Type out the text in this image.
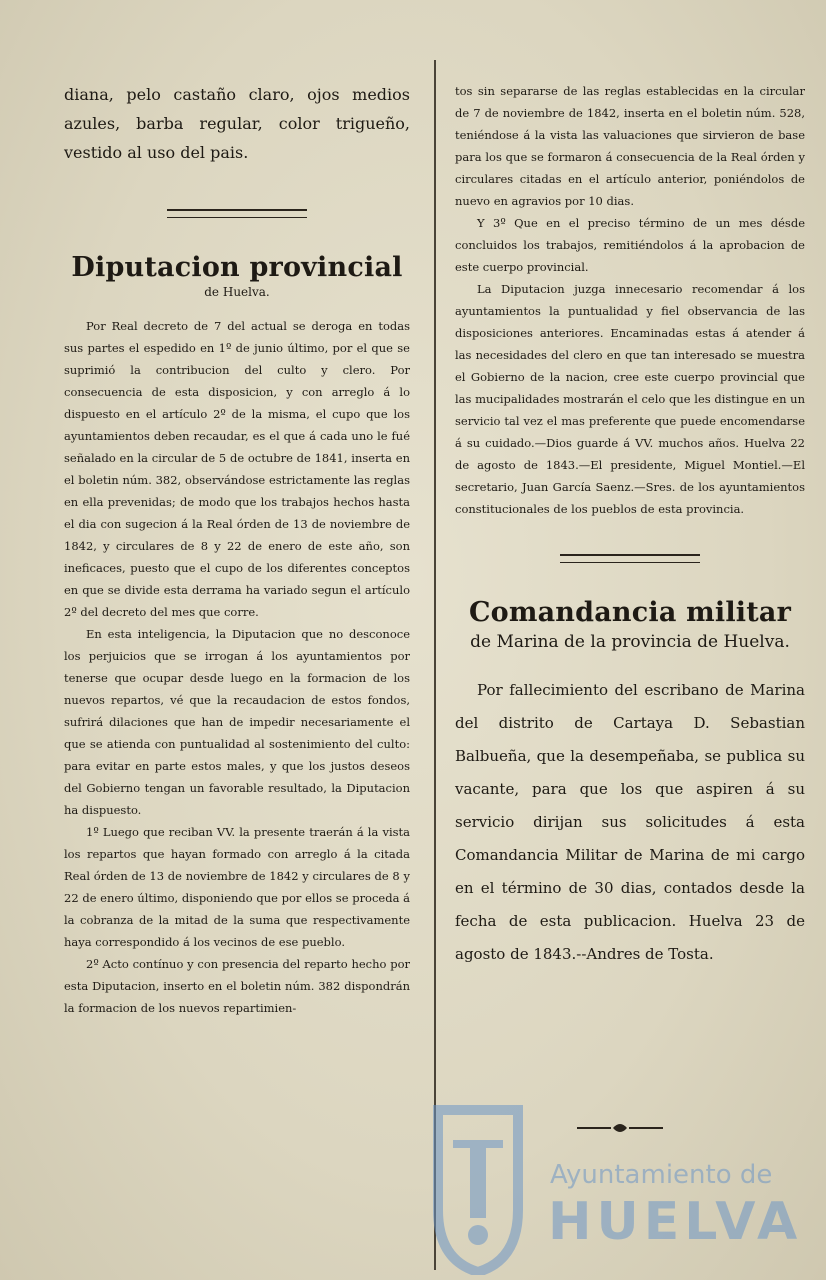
diana, pelo castaño claro, ojos medios azules, barba regular, color trigueño, vestido al uso del pais.

Diputacion provincial
de Huelva.

Por Real decreto de 7 del actual se deroga en todas sus partes el espedido en 1º de junio último, por el que se suprimió la contribucion del culto y clero. Por consecuencia de esta disposicion, y con arreglo á lo dispuesto en el artículo 2º de la misma, el cupo que los ayuntamientos deben recaudar, es el que á cada uno le fué señalado en la circular de 5 de octubre de 1841, inserta en el boletin núm. 382, observándose estrictamente las reglas en ella prevenidas; de modo que los trabajos hechos hasta el dia con sugecion á la Real órden de 13 de noviembre de 1842, y circulares de 8 y 22 de enero de este año, son ineficaces, puesto que el cupo de los diferentes conceptos en que se divide esta derrama ha variado segun el artículo 2º del decreto del mes que corre.

En esta inteligencia, la Diputacion que no desconoce los perjuicios que se irrogan á los ayuntamientos por tenerse que ocupar desde luego en la formacion de los nuevos repartos, vé que la recaudacion de estos fondos, sufrirá dilaciones que han de impedir necesariamente el que se atienda con puntualidad al sostenimiento del culto: para evitar en parte estos males, y que los justos deseos del Gobierno tengan un favorable resultado, la Diputacion ha dispuesto.

1º Luego que reciban VV. la presente traerán á la vista los repartos que hayan formado con arreglo á la citada Real órden de 13 de noviembre de 1842 y circulares de 8 y 22 de enero último, disponiendo que por ellos se proceda á la cobranza de la mitad de la suma que respectivamente haya correspondido á los vecinos de ese pueblo.

2º Acto contínuo y con presencia del reparto hecho por esta Diputacion, inserto en el boletin núm. 382 dispondrán la formacion de los nuevos repartimien-

tos sin separarse de las reglas establecidas en la circular de 7 de noviembre de 1842, inserta en el boletin núm. 528, teniéndose á la vista las valuaciones que sirvieron de base para los que se formaron á consecuencia de la Real órden y circulares citadas en el artículo anterior, poniéndolos de nuevo en agravios por 10 dias.

Y 3º Que en el preciso término de un mes désde concluidos los trabajos, remitiéndolos á la aprobacion de este cuerpo provincial.

La Diputacion juzga innecesario recomendar á los ayuntamientos la puntualidad y fiel observancia de las disposiciones anteriores. Encaminadas estas á atender á las necesidades del clero en que tan interesado se muestra el Gobierno de la nacion, cree este cuerpo provincial que las mucipalidades mostrarán el celo que les distingue en un servicio tal vez el mas preferente que puede encomendarse á su cuidado.—Dios guarde á VV. muchos años. Huelva 22 de agosto de 1843.—El presidente, Miguel Montiel.—El secretario, Juan García Saenz.—Sres. de los ayuntamientos constitucionales de los pueblos de esta provincia.

Comandancia militar
de Marina de la provincia de Huelva.

Por fallecimiento del escribano de Marina del distrito de Cartaya D. Sebastian Balbueña, que la desempeñaba, se publica su vacante, para que los que aspiren á su servicio dirijan sus solicitudes á esta Comandancia Militar de Marina de mi cargo en el término de 30 dias, contados desde la fecha de esta publicacion. Huelva 23 de agosto de 1843.--Andres de Tosta.

Ayuntamiento de
HUELVA
